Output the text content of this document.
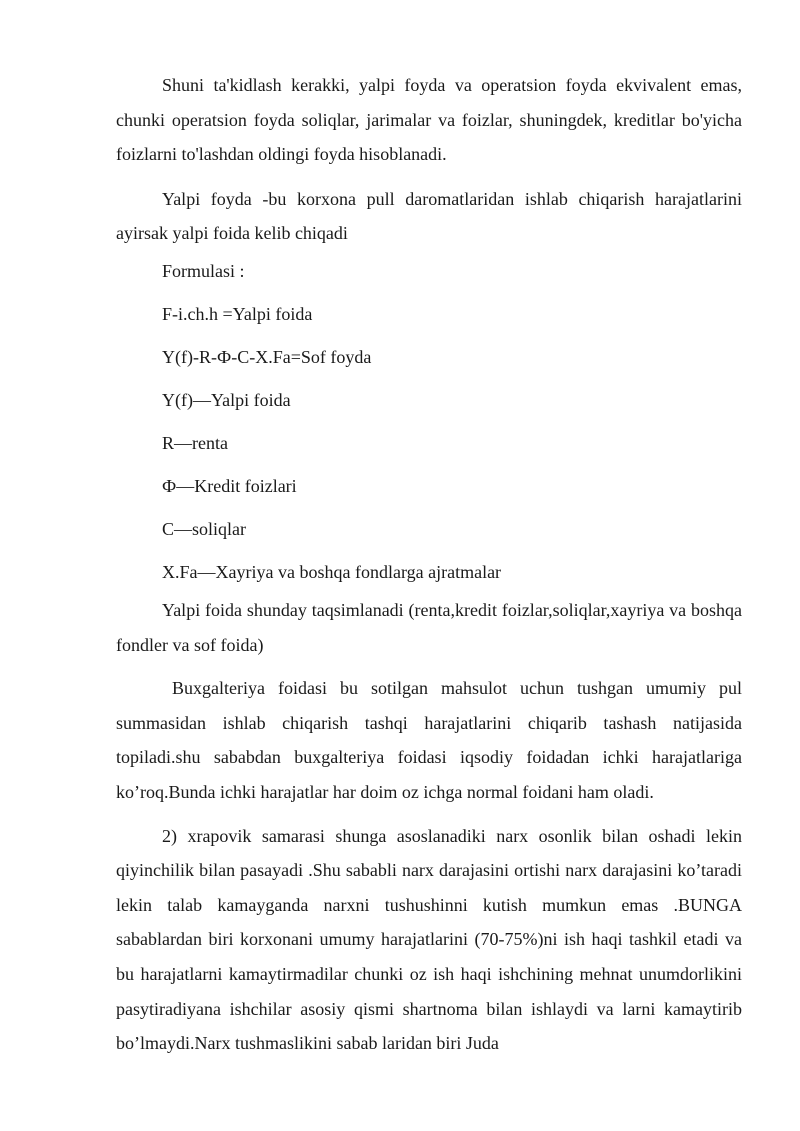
Shuni ta'kidlash kerakki, yalpi foyda va operatsion foyda ekvivalent emas, chunki operatsion foyda soliqlar, jarimalar va foizlar, shuningdek, kreditlar bo'yicha foizlarni to'lashdan oldingi foyda hisoblanadi.

Yalpi foyda -bu korxona pull daromatlaridan ishlab chiqarish harajatlarini ayirsak yalpi foida kelib chiqadi

Formulasi :

F-i.ch.h =Yalpi foida

Y(f)-R-Ф-C-X.Fa=Sof foyda

Y(f)—Yalpi foida

R—renta

Ф—Kredit foizlari

C—soliqlar

X.Fa—Xayriya va boshqa fondlarga ajratmalar

Yalpi foida shunday taqsimlanadi (renta,kredit foizlar,soliqlar,xayriya va boshqa fondler va sof foida)

Buxgalteriya foidasi bu sotilgan mahsulot uchun tushgan umumiy pul summasidan ishlab chiqarish tashqi harajatlarini chiqarib tashash natijasida topiladi.shu sababdan buxgalteriya foidasi iqsodiy foidadan ichki harajatlariga ko’roq.Bunda ichki harajatlar har doim oz ichga normal foidani ham oladi.

2) xrapovik samarasi shunga asoslanadiki narx osonlik bilan oshadi lekin qiyinchilik bilan pasayadi .Shu sababli narx darajasini ortishi narx darajasini ko’taradi lekin talab kamayganda narxni tushushinni kutish mumkun emas .BUNGA sabablardan biri korxonani umumy harajatlarini (70-75%)ni ish haqi tashkil etadi va bu harajatlarni kamaytirmadilar chunki oz ish haqi ishchining mehnat unumdorlikini pasytiradiyana ishchilar asosiy qismi shartnoma bilan ishlaydi va larni kamaytirib bo’lmaydi.Narx tushmaslikini sabab laridan biri Juda
